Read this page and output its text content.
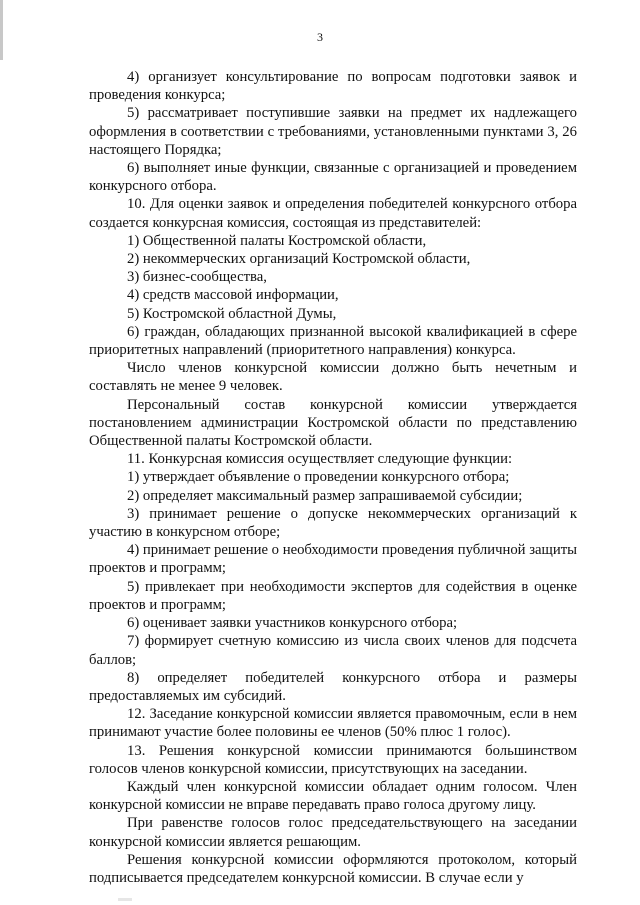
3

4) организует консультирование по вопросам подготовки заявок и проведения конкурса;

5) рассматривает поступившие заявки на предмет их надлежащего оформления в соответствии с требованиями, установленными пунктами 3, 26 настоящего Порядка;

6) выполняет иные функции, связанные с организацией и проведением конкурсного отбора.

10. Для оценки заявок и определения победителей конкурсного отбора создается конкурсная комиссия, состоящая из представителей:

1) Общественной палаты Костромской области,

2) некоммерческих организаций Костромской области,

3) бизнес-сообщества,

4) средств массовой информации,

5) Костромской областной Думы,

6) граждан, обладающих признанной высокой квалификацией в сфере приоритетных направлений (приоритетного направления) конкурса.

Число членов конкурсной комиссии должно быть нечетным и составлять не менее 9 человек.

Персональный состав конкурсной комиссии утверждается постановлением администрации Костромской области по представлению Общественной палаты Костромской области.

11. Конкурсная комиссия осуществляет следующие функции:

1) утверждает объявление о проведении конкурсного отбора;

2) определяет максимальный размер запрашиваемой субсидии;

3) принимает решение о допуске некоммерческих организаций к участию в конкурсном отборе;

4) принимает решение о необходимости проведения публичной защиты проектов и программ;

5) привлекает при необходимости экспертов для содействия в оценке проектов и программ;

6) оценивает заявки участников конкурсного отбора;

7) формирует счетную комиссию из числа своих членов для подсчета баллов;

8) определяет победителей конкурсного отбора и размеры предоставляемых им субсидий.

12. Заседание конкурсной комиссии является правомочным, если в нем принимают участие более половины ее членов (50% плюс 1 голос).

13. Решения конкурсной комиссии принимаются большинством голосов членов конкурсной комиссии, присутствующих на заседании.

Каждый член конкурсной комиссии обладает одним голосом. Член конкурсной комиссии не вправе передавать право голоса другому лицу.

При равенстве голосов голос председательствующего на заседании конкурсной комиссии является решающим.

Решения конкурсной комиссии оформляются протоколом, который подписывается председателем конкурсной комиссии. В случае если у
